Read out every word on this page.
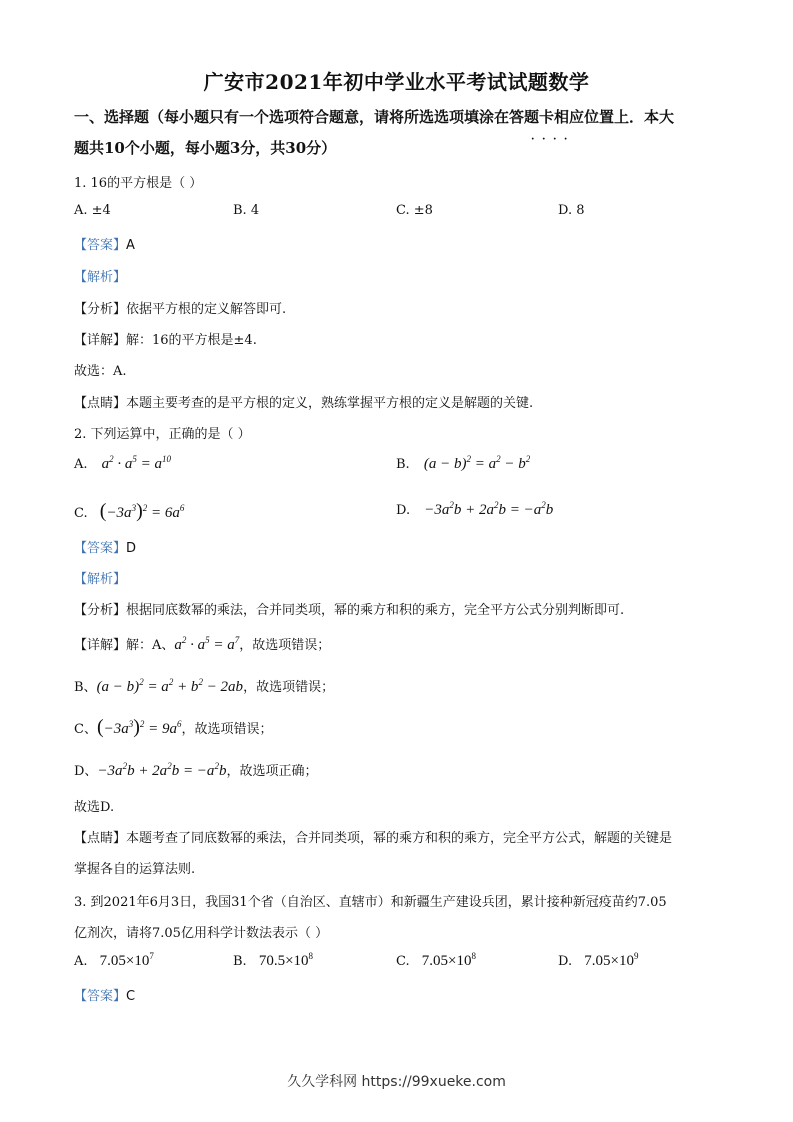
广安市2021年初中学业水平考试试题数学
一、选择题（每小题只有一个选项符合题意，请将所选选项填涂在答题卡相应位置上 · · · ·．本大
题共10个小题，每小题3分，共30分）
1. 16的平方根是（ ）
A. ±4	B. 4	C. ±8	D. 8
【答案】A
【解析】
【分析】依据平方根的定义解答即可.
【详解】解：16的平方根是±4.
故选：A.
【点睛】本题主要考查的是平方根的定义，熟练掌握平方根的定义是解题的关键.
2. 下列运算中，正确的是（ ）
A. $a^2 \cdot a^5 = a^{10}$	B. $(a - b)^2 = a^2 - b^2$
C. $(-3a^3)^2 = 6a^6$	D. $-3a^2b + 2a^2b = -a^2b$
【答案】D
【解析】
【分析】根据同底数幂的乘法，合并同类项，幂的乘方和积的乘方，完全平方公式分别判断即可.
【详解】解：A、$a^2 \cdot a^5 = a^7$，故选项错误；
B、$(a - b)^2 = a^2 + b^2 - 2ab$，故选项错误；
C、$(-3a^3)^2 = 9a^6$，故选项错误；
D、$-3a^2b + 2a^2b = -a^2b$，故选项正确；
故选D.
【点睛】本题考查了同底数幂的乘法，合并同类项，幂的乘方和积的乘方，完全平方公式，解题的关键是
掌握各自的运算法则.
3. 到2021年6月3日，我国31个省（自治区、直辖市）和新疆生产建设兵团，累计接种新冠疫苗约7.05
亿剂次，请将7.05亿用科学计数法表示（ ）
A. $7.05\times 10^7$	B. $70.5\times 10^8$	C. $7.05\times 10^8$	D. $7.05\times 10^9$
【答案】C
久久学科网 https://99xueke.com
